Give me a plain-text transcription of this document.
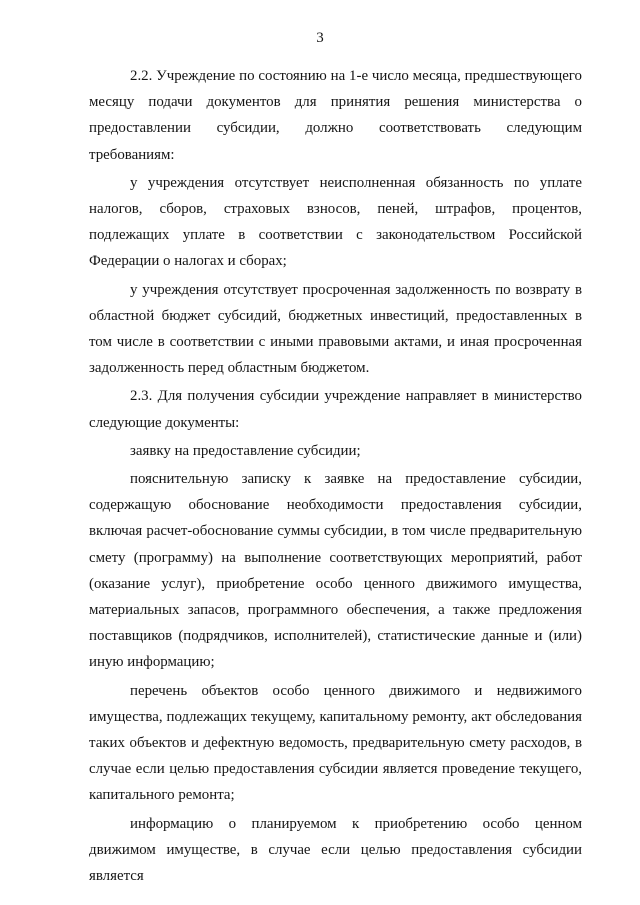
3

2.2. Учреждение по состоянию на 1-е число месяца, предшествующего месяцу подачи документов для принятия решения министерства о предоставлении субсидии, должно соответствовать следующим требованиям:

у учреждения отсутствует неисполненная обязанность по уплате налогов, сборов, страховых взносов, пеней, штрафов, процентов, подлежащих уплате в соответствии с законодательством Российской Федерации о налогах и сборах;

у учреждения отсутствует просроченная задолженность по возврату в областной бюджет субсидий, бюджетных инвестиций, предоставленных в том числе в соответствии с иными правовыми актами, и иная просроченная задолженность перед областным бюджетом.

2.3. Для получения субсидии учреждение направляет в министерство следующие документы:

заявку на предоставление субсидии;

пояснительную записку к заявке на предоставление субсидии, содержащую обоснование необходимости предоставления субсидии, включая расчет-обоснование суммы субсидии, в том числе предварительную смету (программу) на выполнение соответствующих мероприятий, работ (оказание услуг), приобретение особо ценного движимого имущества, материальных запасов, программного обеспечения, а также предложения поставщиков (подрядчиков, исполнителей), статистические данные и (или) иную информацию;

перечень объектов особо ценного движимого и недвижимого имущества, подлежащих текущему, капитальному ремонту, акт обследования таких объектов и дефектную ведомость, предварительную смету расходов, в случае если целью предоставления субсидии является проведение текущего, капитального ремонта;

информацию о планируемом к приобретению особо ценном движимом имуществе, в случае если целью предоставления субсидии является
